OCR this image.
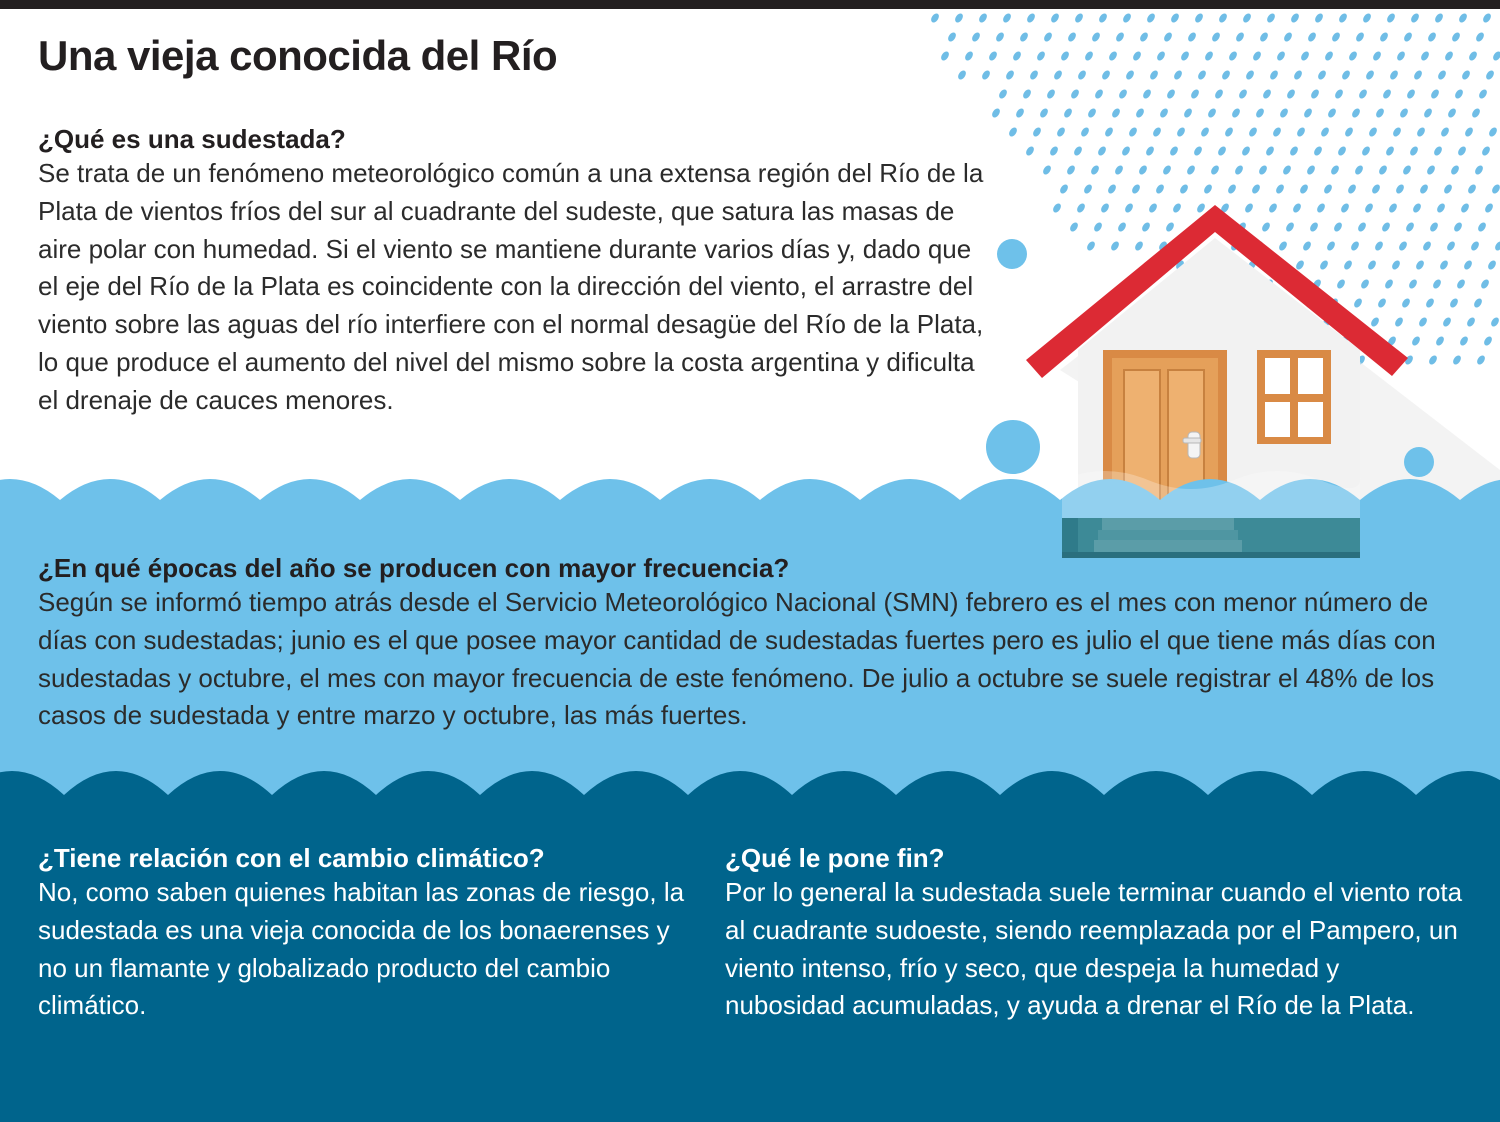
Una vieja conocida del Río

¿Qué es una sudestada?

Se trata de un fenómeno meteorológico común a una extensa región del Río de la Plata de vientos fríos del sur al cuadrante del sudeste, que satura las masas de aire polar con humedad. Si el viento se mantiene durante varios días y, dado que el eje del Río de la Plata es coincidente con la dirección del viento, el arrastre del viento sobre las aguas del río interfiere con el normal desagüe del Río de la Plata, lo que produce el aumento del nivel del mismo sobre la costa argentina y dificulta el drenaje de cauces menores.

¿En qué épocas del año se producen con mayor frecuencia?

Según se informó tiempo atrás desde el Servicio Meteorológico Nacional (SMN) febrero es el mes con menor número de días con sudestadas; junio es el que posee mayor cantidad de sudestadas fuertes pero es julio el que tiene más días con sudestadas y octubre, el mes con mayor frecuencia de este fenómeno. De julio a octubre se suele registrar el 48% de los casos de sudestada y entre marzo y octubre, las más fuertes.

¿Tiene relación con el cambio climático?

No, como saben quienes habitan las zonas de riesgo, la sudestada es una vieja conocida de los bonaerenses y no un flamante y globalizado producto del cambio climático.

¿Qué le pone fin?

Por lo general la sudestada suele terminar cuando el viento rota al cuadrante sudoeste, siendo reemplazada por el Pampero, un viento intenso, frío y seco, que despeja la humedad y nubosidad acumuladas, y ayuda a drenar el Río de la Plata.
